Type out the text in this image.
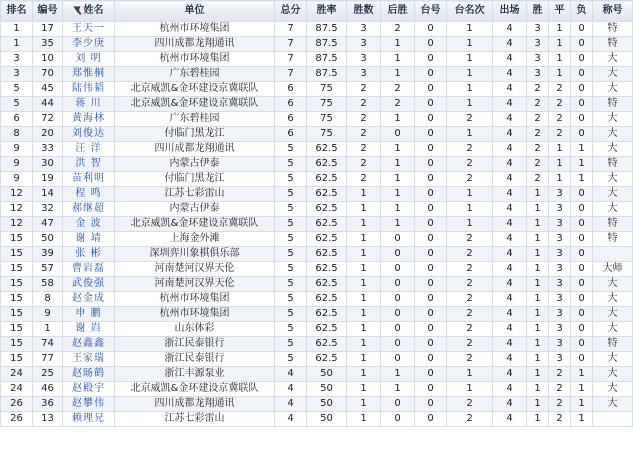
排名	编号	姓名	单位	总分	胜率	胜数	后胜	台号	台名次	出场	胜	平	负	称号
1	17	王天一	杭州市环境集团	7	87.5	3	2	0	1	4	3	1	0	特
1	35	李少庚	四川成都龙翔通讯	7	87.5	3	1	0	1	4	3	1	0	特
3	10	刘 明	杭州市环境集团	7	87.5	3	1	0	1	4	3	1	0	大
3	70	郑惟桐	广东碧桂园	7	87.5	3	1	0	1	4	3	1	0	大
5	45	陆伟韬	北京威凯&金环建设京冀联队	6	75	2	2	0	1	4	2	2	0	大
5	44	蒋 川	北京威凯&金环建设京冀联队	6	75	2	2	0	1	4	2	2	0	特
6	72	黄海林	广东碧桂园	6	75	2	1	0	2	4	2	2	0	大
8	20	刘俊达	付临门黑龙江	6	75	2	0	0	1	4	2	2	0	大
9	33	汪 洋	四川成都龙翔通讯	5	62.5	2	1	0	2	4	2	1	1	大
9	30	洪 智	内蒙古伊泰	5	62.5	2	1	0	2	4	2	1	1	特
9	19	苗利明	付临门黑龙江	5	62.5	2	1	0	2	4	2	1	1	大
12	14	程 鸣	江苏七彩雷山	5	62.5	1	1	0	1	4	1	3	0	大
12	32	郝继超	内蒙古伊泰	5	62.5	1	1	0	1	4	1	3	0	大
12	47	金 波	北京威凯&金环建设京冀联队	5	62.5	1	1	0	1	4	1	3	0	特
15	50	谢 靖	上海金外滩	5	62.5	1	0	0	2	4	1	3	0	特
15	39	张 彬	深圳弈川象棋俱乐部	5	62.5	1	0	0	2	4	1	3	0	
15	57	曹岩磊	河南楚河汉界天伦	5	62.5	1	0	0	2	4	1	3	0	大师
15	58	武俊强	河南楚河汉界天伦	5	62.5	1	0	0	2	4	1	3	0	大
15	8	赵金成	杭州市环境集团	5	62.5	1	0	0	2	4	1	3	0	大
15	9	申 鹏	杭州市环境集团	5	62.5	1	0	0	2	4	1	3	0	大
15	1	谢 岿	山东体彩	5	62.5	1	0	0	2	4	1	3	0	大
15	74	赵鑫鑫	浙江民泰银行	5	62.5	1	0	0	2	4	1	3	0	特
15	77	王家瑞	浙江民泰银行	5	62.5	1	0	0	2	4	1	3	0	大
24	25	赵旸鹤	浙江丰源泵业	4	50	1	1	0	1	4	1	2	1	大
24	46	赵殿宇	北京威凯&金环建设京冀联队	4	50	1	1	0	1	4	1	2	1	大
26	36	赵攀伟	四川成都龙翔通讯	4	50	1	0	0	2	4	1	2	1	大
26	13	赖理兄	江苏七彩雷山	4	50	1	0	0	2	4	1	2	1	
